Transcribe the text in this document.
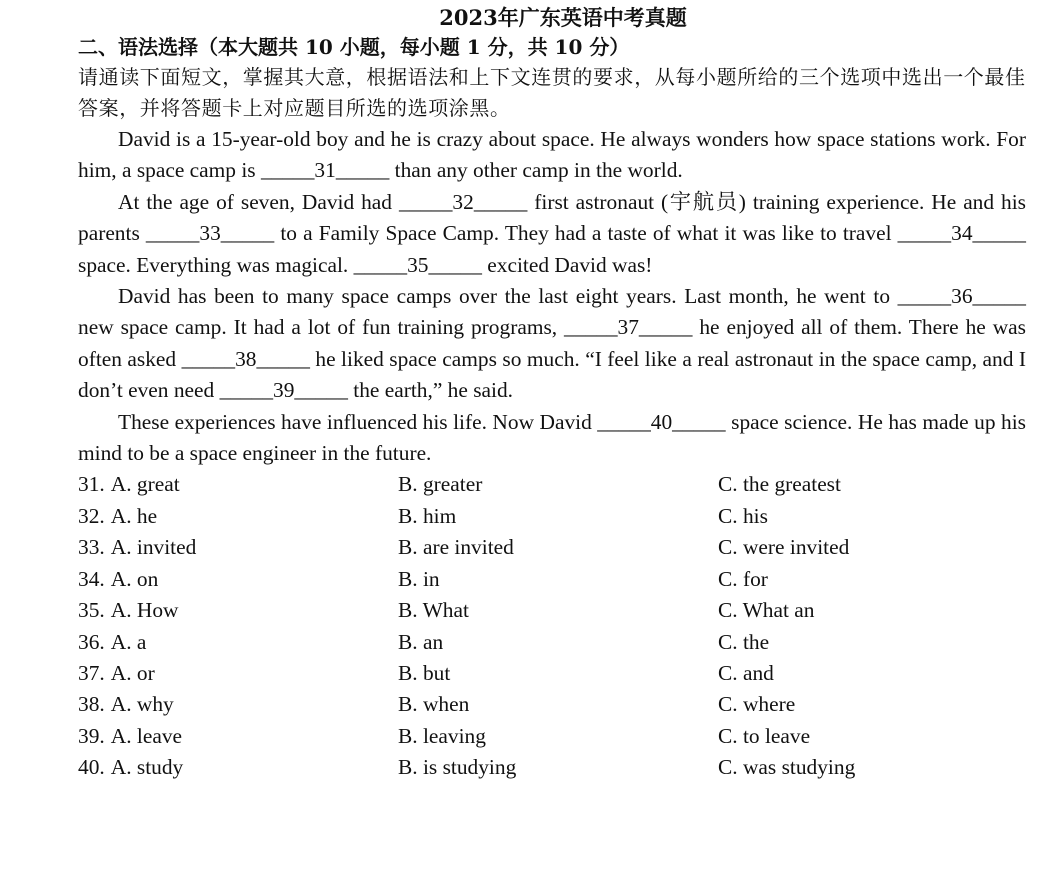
2023年广东英语中考真题
二、语法选择（本大题共 10 小题，每小题 1 分，共 10 分）

请通读下面短文，掌握其大意，根据语法和上下文连贯的要求，从每小题所给的三个选项中选出一个最佳答案，并将答题卡上对应题目所选的选项涂黑。

David is a 15-year-old boy and he is crazy about space. He always wonders how space stations work. For him, a space camp is _____31_____ than any other camp in the world.

At the age of seven, David had _____32_____ first astronaut (宇航员) training experience. He and his parents _____33_____ to a Family Space Camp. They had a taste of what it was like to travel _____34_____ space. Everything was magical. _____35_____ excited David was!

David has been to many space camps over the last eight years. Last month, he went to _____36_____ new space camp. It had a lot of fun training programs, _____37_____ he enjoyed all of them. There he was often asked _____38_____ he liked space camps so much. “I feel like a real astronaut in the space camp, and I don’t even need _____39_____ the earth,” he said.

These experiences have influenced his life. Now David _____40_____ space science. He has made up his mind to be a space engineer in the future.

31. A. great	B. greater	C. the greatest
32. A. he	B. him	C. his
33. A. invited	B. are invited	C. were invited
34. A. on	B. in	C. for
35. A. How	B. What	C. What an
36. A. a	B. an	C. the
37. A. or	B. but	C. and
38. A. why	B. when	C. where
39. A. leave	B. leaving	C. to leave
40. A. study	B. is studying	C. was studying
